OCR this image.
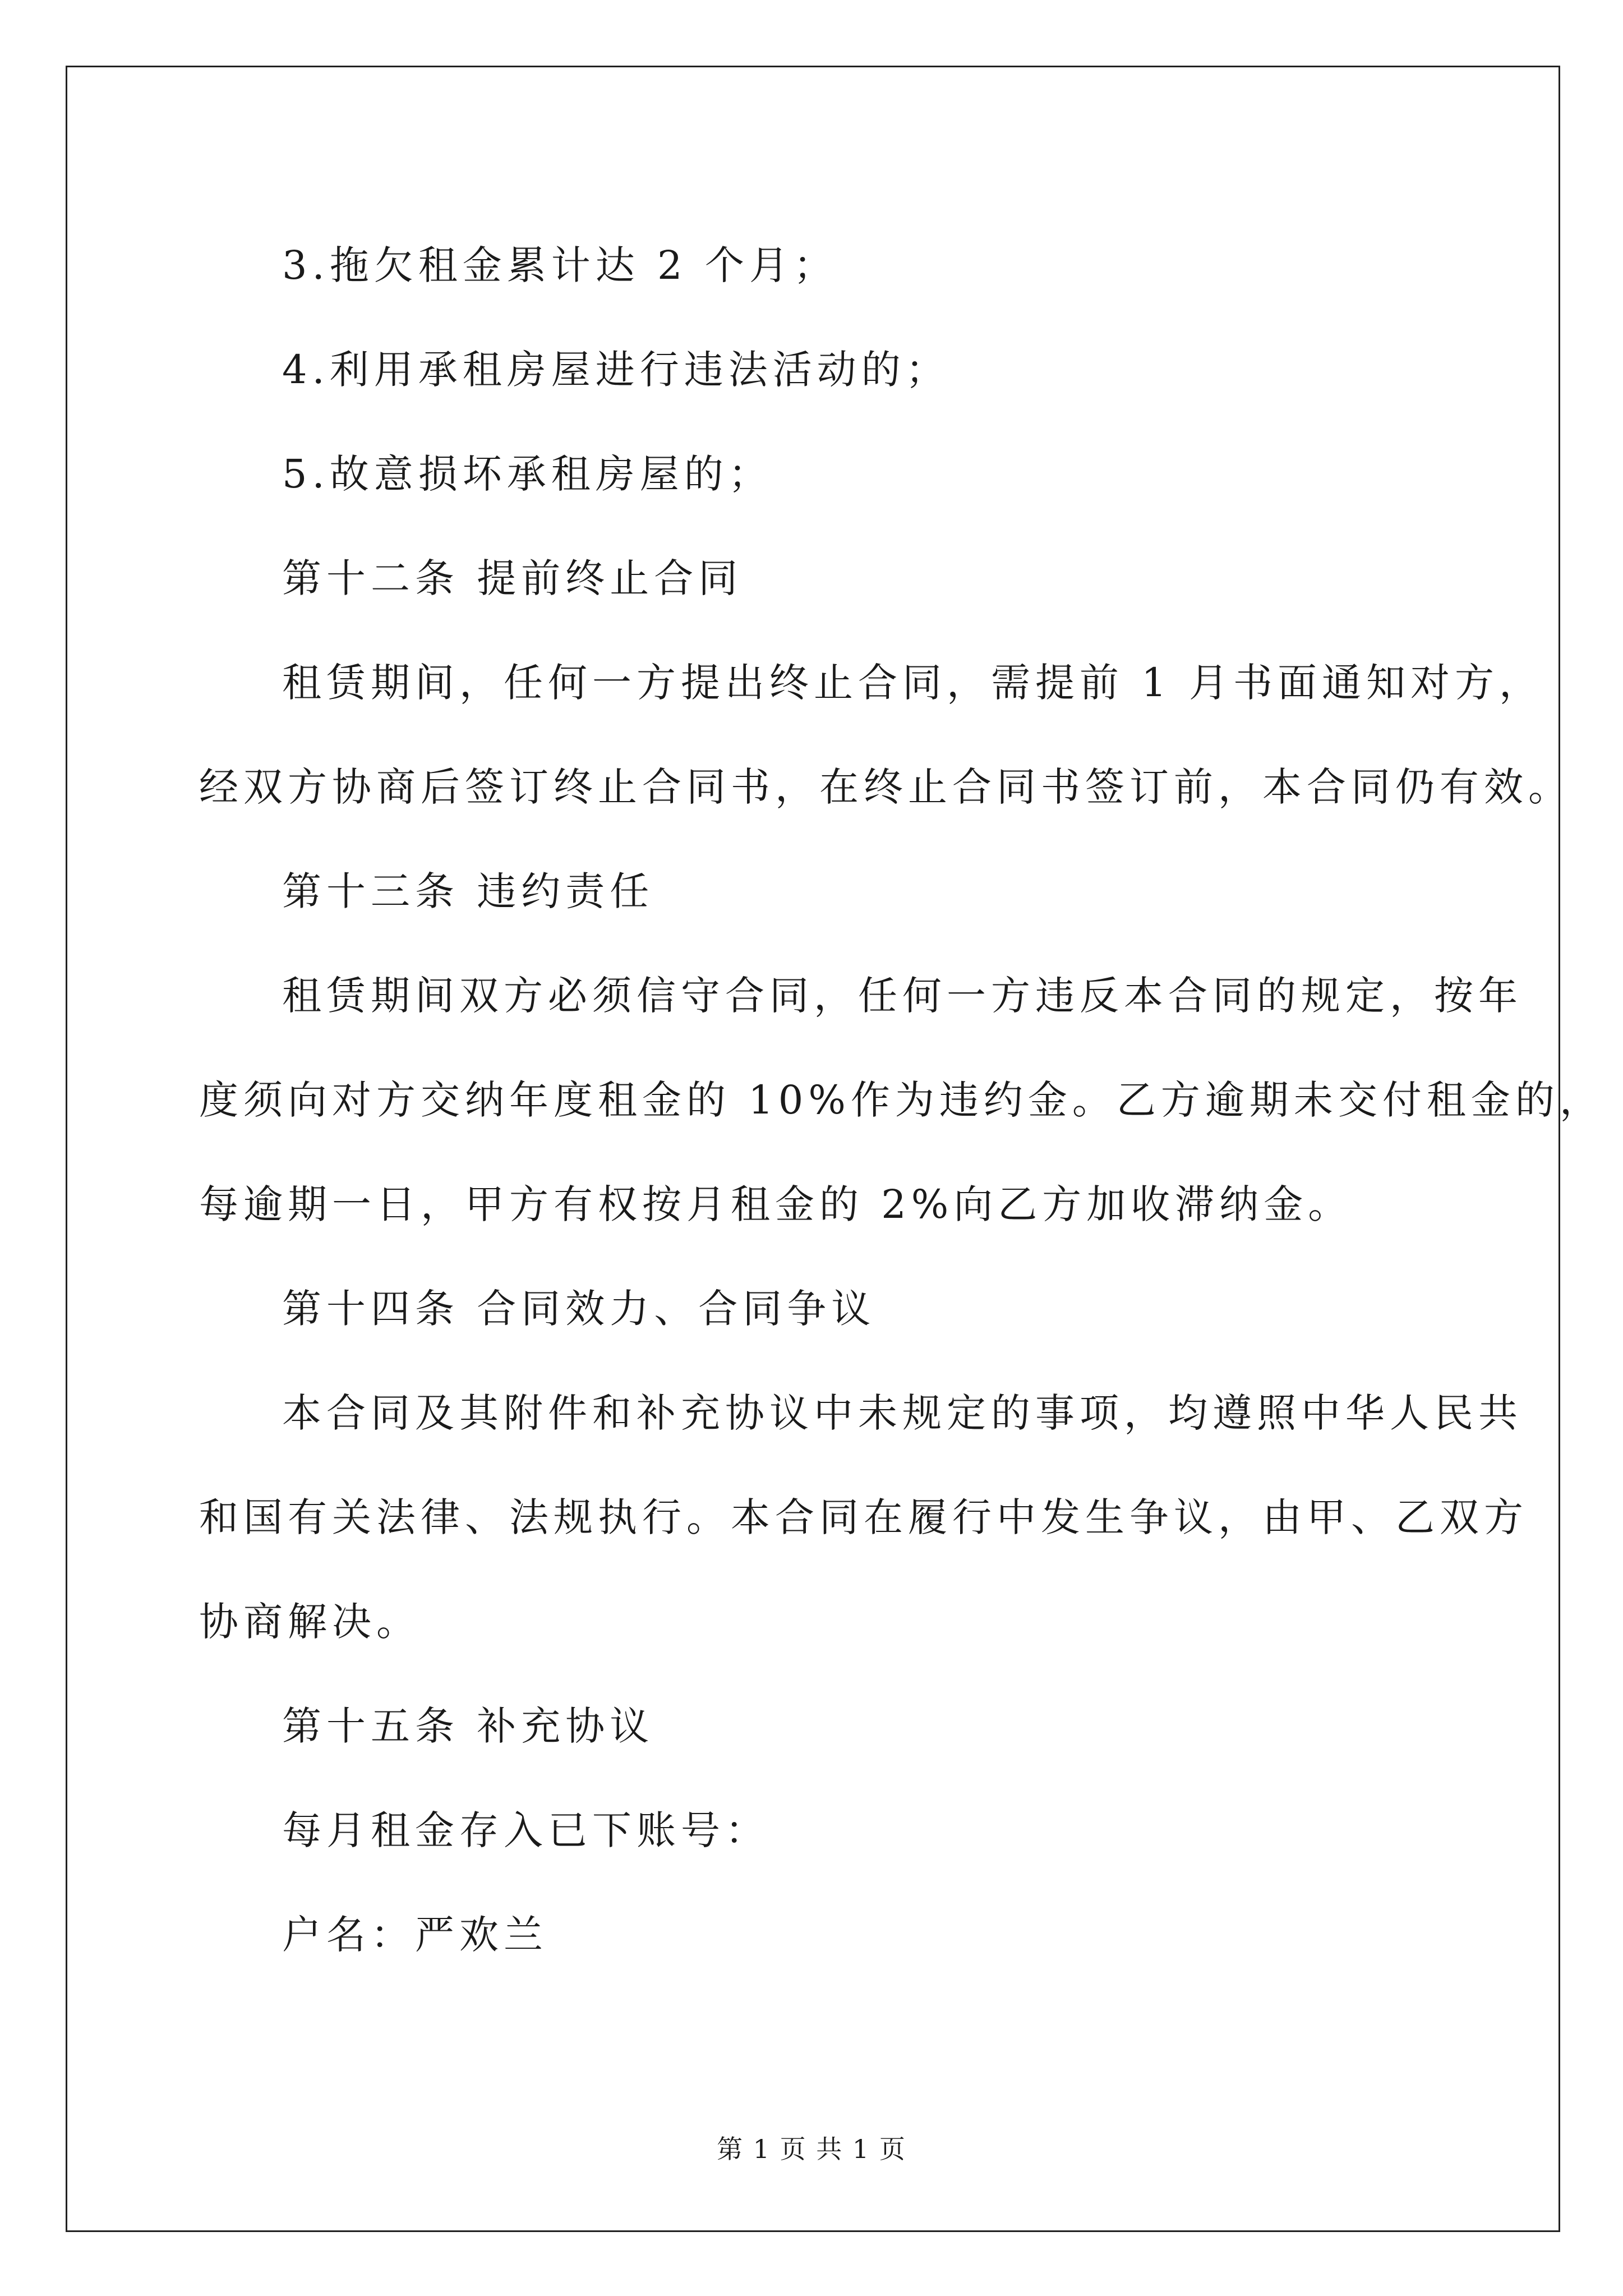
3.拖欠租金累计达 2 个月；

4.利用承租房屋进行违法活动的；

5.故意损坏承租房屋的；

第十二条 提前终止合同

租赁期间，任何一方提出终止合同，需提前 1 月书面通知对方，
经双方协商后签订终止合同书，在终止合同书签订前，本合同仍有效。

第十三条 违约责任

租赁期间双方必须信守合同，任何一方违反本合同的规定，按年
度须向对方交纳年度租金的 10%作为违约金。乙方逾期未交付租金的，
每逾期一日，甲方有权按月租金的 2%向乙方加收滞纳金。

第十四条 合同效力、合同争议

本合同及其附件和补充协议中未规定的事项，均遵照中华人民共
和国有关法律、法规执行。本合同在履行中发生争议，由甲、乙双方
协商解决。

第十五条 补充协议

每月租金存入已下账号：

户名：严欢兰

第 1 页 共 1 页
